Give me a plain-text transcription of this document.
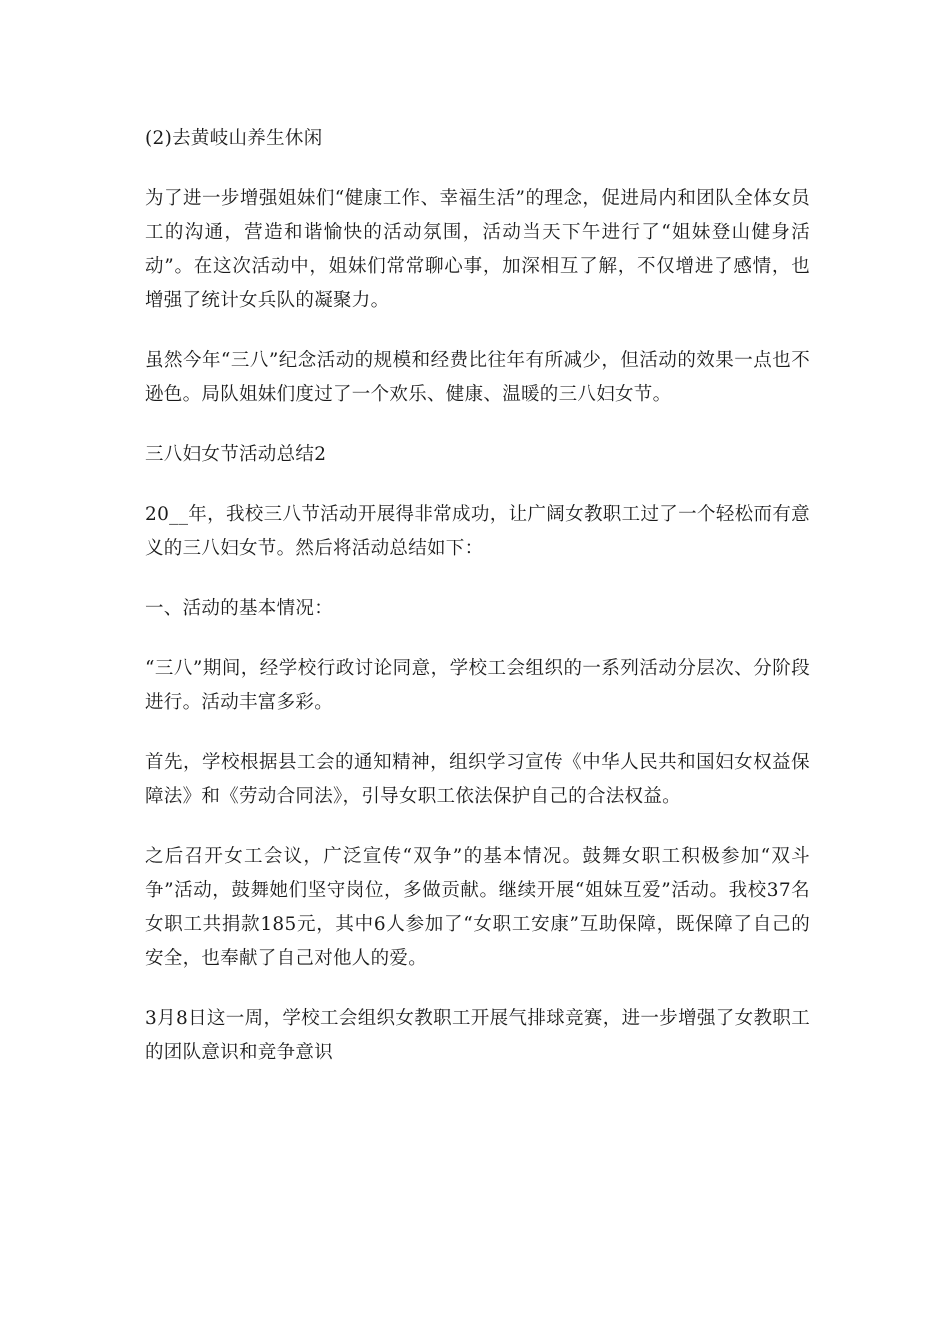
(2)去黄岐山养生休闲

为了进一步增强姐妹们“健康工作、幸福生活”的理念，促进局内和团队全体女员工的沟通，营造和谐愉快的活动氛围，活动当天下午进行了“姐妹登山健身活动”。在这次活动中，姐妹们常常聊心事，加深相互了解，不仅增进了感情，也增强了统计女兵队的凝聚力。

虽然今年“三八”纪念活动的规模和经费比往年有所减少，但活动的效果一点也不逊色。局队姐妹们度过了一个欢乐、健康、温暖的三八妇女节。

三八妇女节活动总结2

20__年，我校三八节活动开展得非常成功，让广阔女教职工过了一个轻松而有意义的三八妇女节。然后将活动总结如下：

一、活动的基本情况：

“三八”期间，经学校行政讨论同意，学校工会组织的一系列活动分层次、分阶段进行。活动丰富多彩。

首先，学校根据县工会的通知精神，组织学习宣传《中华人民共和国妇女权益保障法》和《劳动合同法》，引导女职工依法保护自己的合法权益。

之后召开女工会议，广泛宣传“双争”的基本情况。鼓舞女职工积极参加“双斗争”活动，鼓舞她们坚守岗位，多做贡献。继续开展“姐妹互爱”活动。我校37名女职工共捐款185元，其中6人参加了“女职工安康”互助保障，既保障了自己的安全，也奉献了自己对他人的爱。

3月8日这一周，学校工会组织女教职工开展气排球竞赛，进一步增强了女教职工的团队意识和竞争意识
